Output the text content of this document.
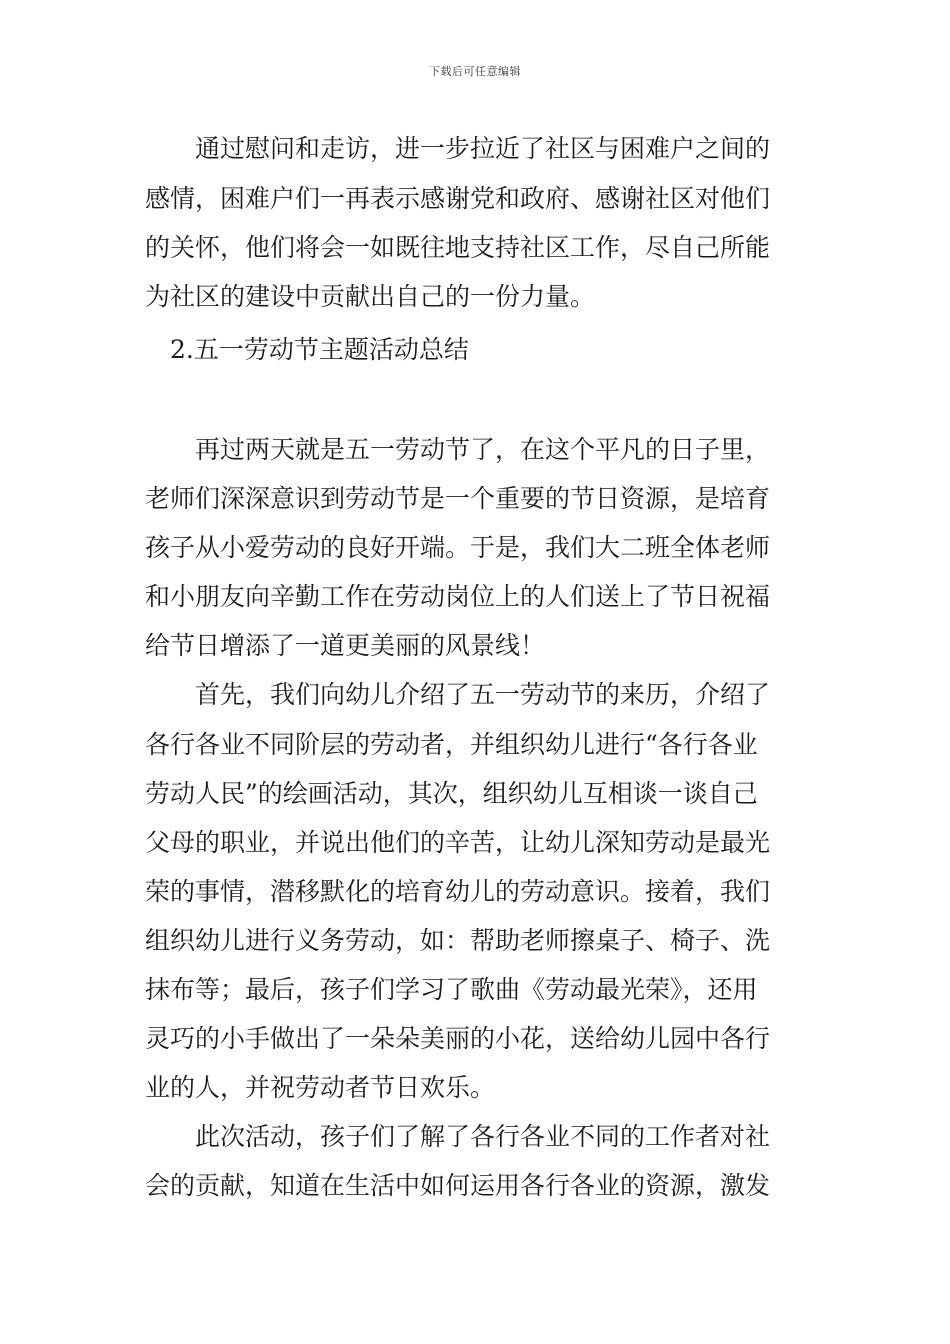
下载后可任意编辑
　　通过慰问和走访，进一步拉近了社区与困难户之间的
感情，困难户们一再表示感谢党和政府、感谢社区对他们
的关怀，他们将会一如既往地支持社区工作，尽自己所能
为社区的建设中贡献出自己的一份力量。
2.五一劳动节主题活动总结
　　再过两天就是五一劳动节了，在这个平凡的日子里，
老师们深深意识到劳动节是一个重要的节日资源，是培育
孩子从小爱劳动的良好开端。于是，我们大二班全体老师
和小朋友向辛勤工作在劳动岗位上的人们送上了节日祝福
给节日增添了一道更美丽的风景线！
　　首先，我们向幼儿介绍了五一劳动节的来历，介绍了
各行各业不同阶层的劳动者，并组织幼儿进行“各行各业
劳动人民”的绘画活动，其次，组织幼儿互相谈一谈自己
父母的职业，并说出他们的辛苦，让幼儿深知劳动是最光
荣的事情，潜移默化的培育幼儿的劳动意识。接着，我们
组织幼儿进行义务劳动，如：帮助老师擦桌子、椅子、洗
抹布等；最后，孩子们学习了歌曲《劳动最光荣》，还用
灵巧的小手做出了一朵朵美丽的小花，送给幼儿园中各行
业的人，并祝劳动者节日欢乐。
　　此次活动，孩子们了解了各行各业不同的工作者对社
会的贡献，知道在生活中如何运用各行各业的资源，激发
